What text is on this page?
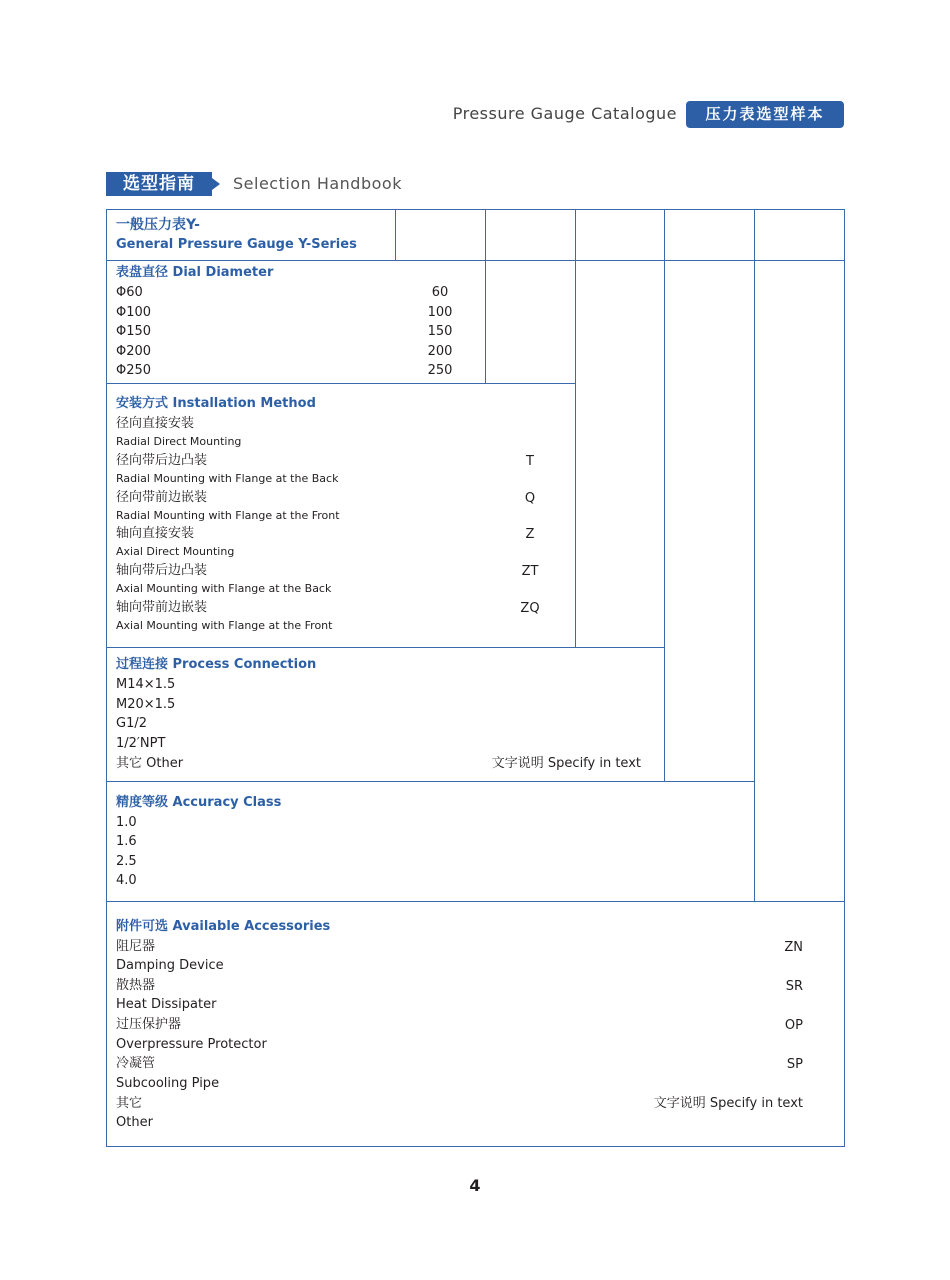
Pressure Gauge Catalogue	压力表选型样本
选型指南	Selection Handbook
一般压力表Y-
General Pressure Gauge Y-Series
表盘直径 Dial Diameter
Φ60	60
Φ100	100
Φ150	150
Φ200	200
Φ250	250
安装方式 Installation Method
径向直接安装
Radial Direct Mounting
径向带后边凸装	T
Radial Mounting with Flange at the Back
径向带前边嵌装	Q
Radial Mounting with Flange at the Front
轴向直接安装	Z
Axial Direct Mounting
轴向带后边凸装	ZT
Axial Mounting with Flange at the Back
轴向带前边嵌装	ZQ
Axial Mounting with Flange at the Front
过程连接 Process Connection
M14×1.5
M20×1.5
G1/2
1/2′NPT
其它 Other	文字说明 Specify in text
精度等级 Accuracy Class
1.0
1.6
2.5
4.0
附件可选 Available Accessories
阻尼器	ZN
Damping Device
散热器	SR
Heat Dissipater
过压保护器	OP
Overpressure Protector
冷凝管	SP
Subcooling Pipe
其它	文字说明 Specify in text
Other
4
